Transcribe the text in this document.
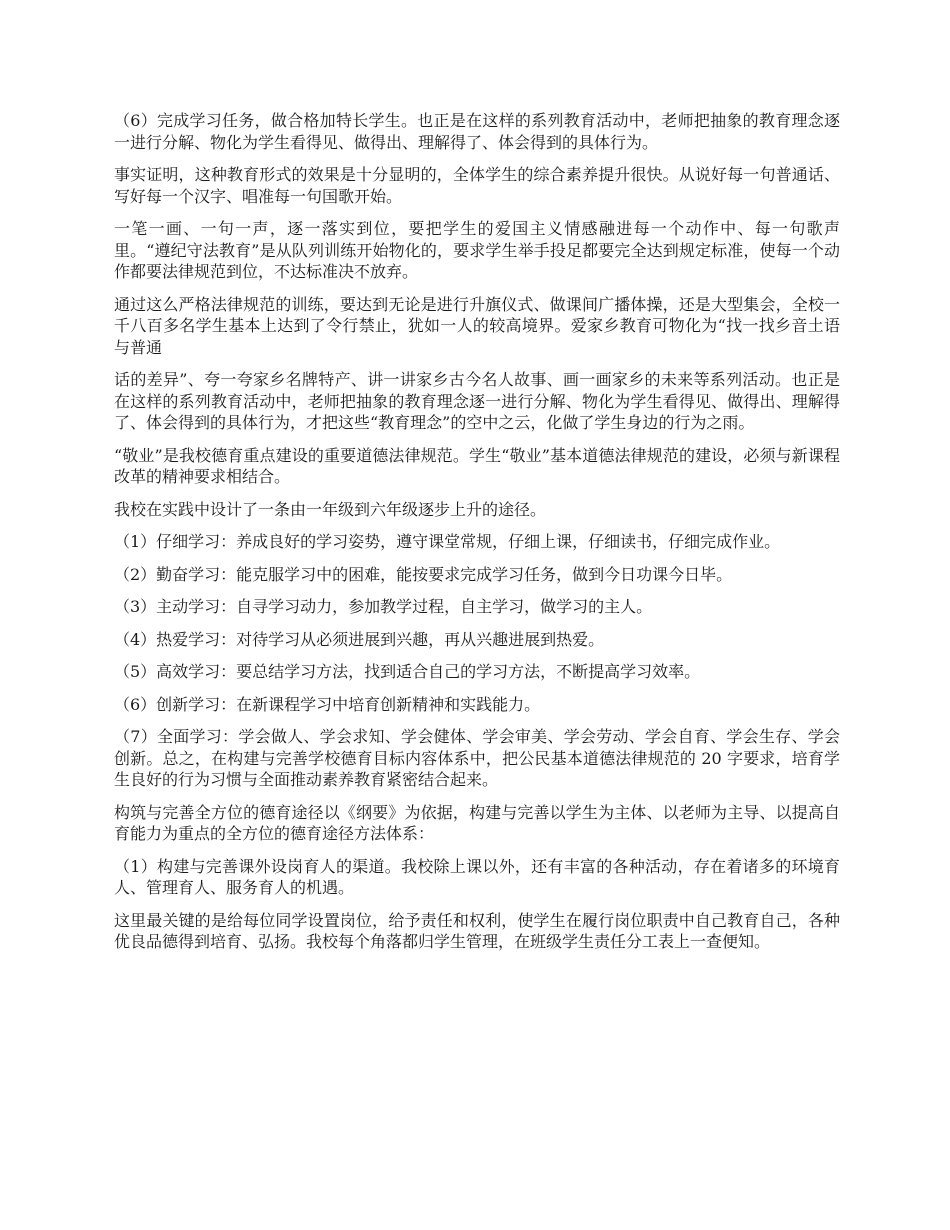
（6）完成学习任务，做合格加特长学生。也正是在这样的系列教育活动中，老师把抽象的教育理念逐一进行分解、物化为学生看得见、做得出、理解得了、体会得到的具体行为。

事实证明，这种教育形式的效果是十分显明的，全体学生的综合素养提升很快。从说好每一句普通话、写好每一个汉字、唱准每一句国歌开始。

一笔一画、一句一声，逐一落实到位，要把学生的爱国主义情感融进每一个动作中、每一句歌声里。“遵纪守法教育”是从队列训练开始物化的，要求学生举手投足都要完全达到规定标准，使每一个动作都要法律规范到位，不达标准决不放弃。

通过这么严格法律规范的训练，要达到无论是进行升旗仪式、做课间广播体操，还是大型集会，全校一千八百多名学生基本上达到了令行禁止，犹如一人的较高境界。爱家乡教育可物化为“找一找乡音土语与普通

话的差异”、夸一夸家乡名牌特产、讲一讲家乡古今名人故事、画一画家乡的未来等系列活动。也正是在这样的系列教育活动中，老师把抽象的教育理念逐一进行分解、物化为学生看得见、做得出、理解得了、体会得到的具体行为，才把这些“教育理念”的空中之云，化做了学生身边的行为之雨。

“敬业”是我校德育重点建设的重要道德法律规范。学生“敬业”基本道德法律规范的建设，必须与新课程改革的精神要求相结合。

我校在实践中设计了一条由一年级到六年级逐步上升的途径。

（1）仔细学习：养成良好的学习姿势，遵守课堂常规，仔细上课，仔细读书，仔细完成作业。

（2）勤奋学习：能克服学习中的困难，能按要求完成学习任务，做到今日功课今日毕。

（3）主动学习：自寻学习动力，参加教学过程，自主学习，做学习的主人。

（4）热爱学习：对待学习从必须进展到兴趣，再从兴趣进展到热爱。

（5）高效学习：要总结学习方法，找到适合自己的学习方法，不断提高学习效率。

（6）创新学习：在新课程学习中培育创新精神和实践能力。

（7）全面学习：学会做人、学会求知、学会健体、学会审美、学会劳动、学会自育、学会生存、学会创新。总之，在构建与完善学校德育目标内容体系中，把公民基本道德法律规范的 20 字要求，培育学生良好的行为习惯与全面推动素养教育紧密结合起来。

构筑与完善全方位的德育途径以《纲要》为依据，构建与完善以学生为主体、以老师为主导、以提高自育能力为重点的全方位的德育途径方法体系：

（1）构建与完善课外设岗育人的渠道。我校除上课以外，还有丰富的各种活动，存在着诸多的环境育人、管理育人、服务育人的机遇。

这里最关键的是给每位同学设置岗位，给予责任和权利，使学生在履行岗位职责中自己教育自己，各种优良品德得到培育、弘扬。我校每个角落都归学生管理，在班级学生责任分工表上一查便知。
